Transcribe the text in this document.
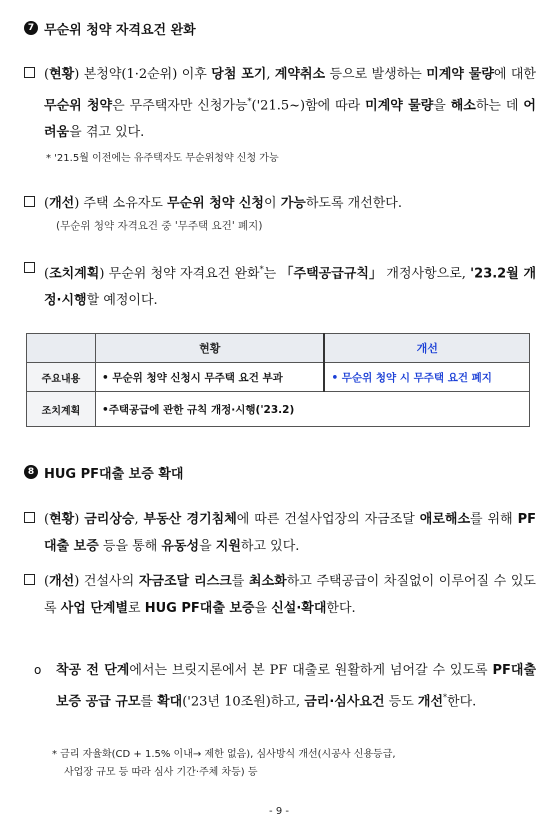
7 무순위 청약 자격요건 완화
(현황) 본청약(1·2순위) 이후 당첨 포기, 계약취소 등으로 발생하는 미계약 물량에 대한 무순위 청약은 무주택자만 신청가능*('21.5~)함에 따라 미계약 물량을 해소하는 데 어려움을 겪고 있다.
* '21.5월 이전에는 유주택자도 무순위청약 신청 가능
(개선) 주택 소유자도 무순위 청약 신청이 가능하도록 개선한다.
(무순위 청약 자격요건 중 '무주택 요건' 폐지)
(조치계획) 무순위 청약 자격요건 완화*는 「주택공급규칙」 개정사항으로, '23.2월 개정·시행할 예정이다.
	현황	개선
주요내용	• 무순위 청약 신청시 무주택 요건 부과	• 무순위 청약 시 무주택 요건 폐지
조치계획	•주택공급에 관한 규칙 개정·시행('23.2)	
8 HUG PF대출 보증 확대
(현황) 금리상승, 부동산 경기침체에 따른 건설사업장의 자금조달 애로해소를 위해 PF대출 보증 등을 통해 유동성을 지원하고 있다.
(개선) 건설사의 자금조달 리스크를 최소화하고 주택공급이 차질없이 이루어질 수 있도록 사업 단계별로 HUG PF대출 보증을 신설·확대한다.
o 착공 전 단계에서는 브릿지론에서 본 PF 대출로 원활하게 넘어갈 수 있도록 PF대출 보증 공급 규모를 확대('23년 10조원)하고, 금리·심사요건 등도 개선*한다.
* 금리 자율화(CD + 1.5% 이내→ 제한 없음), 심사방식 개선(시공사 신용등급,
사업장 규모 등 따라 심사 기간·주체 차등) 등
- 9 -
